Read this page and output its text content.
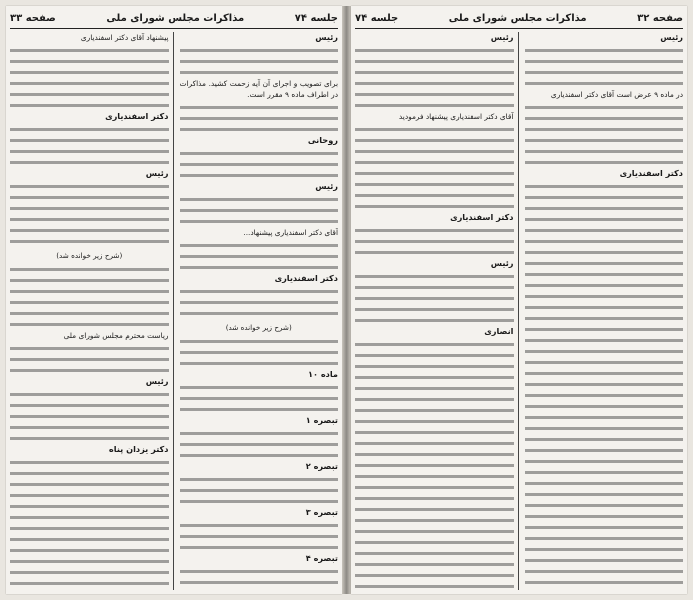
جلسه ۷۴
مذاکرات مجلس شورای ملی
صفحه ۳۳
رئیس
برای تصویب و اجرای آن آیه زحمت کشید. مذاکرات در اطراف ماده ۹ مقرر است.
روحانی
رئیس
آقای دکتر اسفندیاری پیشنهاد...
دکتر اسفندیاری
(شرح زیر خوانده شد)
ماده ۱۰
تبصره ۱
تبصره ۲
تبصره ۳
تبصره ۴
پیشنهاد آقای دکتر اسفندیاری
دکتر اسفندیاری
رئیس
(شرح زیر خوانده شد)
ریاست محترم مجلس شورای ملی
رئیس
دکتر یزدان پناه
صفحه ۳۲
مذاکرات مجلس شورای ملی
جلسه ۷۴
رئیس
در ماده ۹ عرض است آقای دکتر اسفندیاری
دکتر اسفندیاری
رئیس
آقای دکتر اسفندیاری پیشنهاد فرمودید
دکتر اسفندیاری
رئیس
انصاری
